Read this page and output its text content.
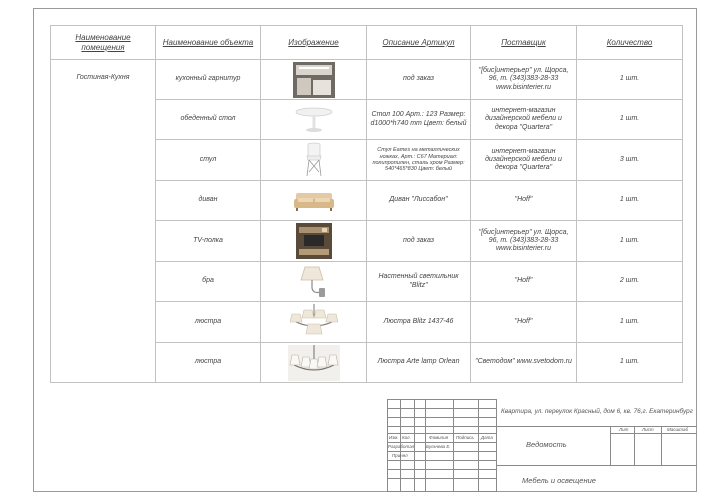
Наименование помещения	Наименование объекта	Изображение	Описание Артикул	Поставщик	Количество
Гостиная-Кухня	кухонный гарнитур		под заказ	"[бис]интерьер" ул. Щорса, 96, т. (343)383-28-33 www.bisinterier.ru	1 шт.
	обеденный стол		Стол 100 Арт.: 123 Размер: d1000*h740 mm Цвет: белый	интернет-магазин дизайнерской мебели и декора "Quartera"	1 шт.
	стул		Стул Eames на металлических ножках, Арт.: C67 Материал: полипропилен, сталь хром Размер: 540*465*830 Цвет: белый	интернет-магазин дизайнерской мебели и декора "Quartera"	3 шт.
	диван		Диван "Лиссабон"	"Hoff"	1 шт.
	TV-полка		под заказ	"[бис]интерьер" ул. Щорса, 96, т. (343)383-28-33 www.bisinterier.ru	1 шт.
	бра		Настенный светильник "Blitz"	"Hoff"	2 шт.
	люстра		Люстра Blitz 1437-46	"Hoff"	1 шт.
	люстра		Люстра Arte lamp Orlean	"Светодом" www.svetodom.ru	1 шт.
Изм. Кол.	Фамилия Подпись Дата
Разработал	Бульчева Е.
Принял
Квартира, ул. переулок Красный, дом 6, кв. 76,г. Екатеринбург
Лит	Лист	Масштаб
Ведомость
Мебель и освещение
